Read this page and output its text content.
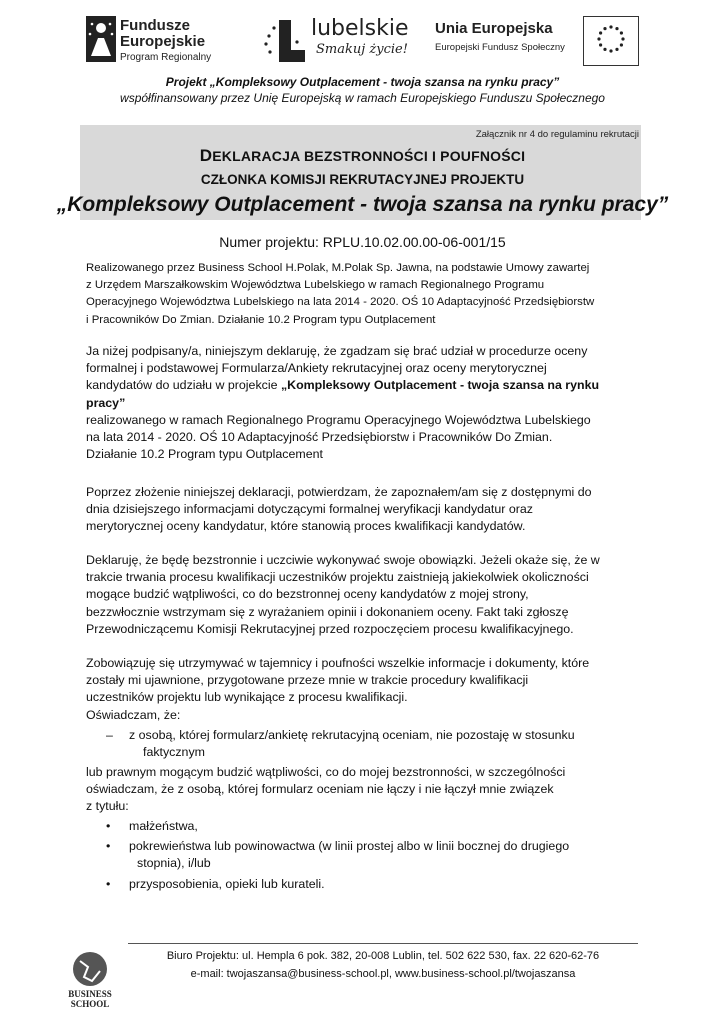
Fundusze
Europejskie
Program Regionalny
lubelskie
Smakuj życie!
Unia Europejska
Europejski Fundusz Społeczny
Projekt „Kompleksowy Outplacement - twoja szansa na rynku pracy”
współfinansowany przez Unię Europejską w ramach Europejskiego Funduszu Społecznego
Załącznik nr 4 do regulaminu rekrutacji
DEKLARACJA BEZSTRONNOŚCI I POUFNOŚCI
CZŁONKA KOMISJI REKRUTACYJNEJ PROJEKTU
„Kompleksowy Outplacement - twoja szansa na rynku pracy”
Numer projektu: RPLU.10.02.00.00-06-001/15
Realizowanego przez Business School H.Polak, M.Polak Sp. Jawna, na podstawie Umowy zawartej
z Urzędem Marszałkowskim Województwa Lubelskiego w ramach Regionalnego Programu
Operacyjnego Województwa Lubelskiego na lata 2014 - 2020. OŚ 10 Adaptacyjność Przedsiębiorstw
i Pracowników Do Zmian. Działanie 10.2 Program typu Outplacement
Ja niżej podpisany/a, niniejszym deklaruję, że zgadzam się brać udział w procedurze oceny
formalnej i podstawowej Formularza/Ankiety rekrutacyjnej oraz oceny merytorycznej
kandydatów do udziału w projekcie „Kompleksowy Outplacement - twoja szansa na rynku
pracy”
realizowanego w ramach Regionalnego Programu Operacyjnego Województwa Lubelskiego
na lata 2014 - 2020. OŚ 10 Adaptacyjność Przedsiębiorstw i Pracowników Do Zmian.
Działanie 10.2 Program typu Outplacement
Poprzez złożenie niniejszej deklaracji, potwierdzam, że zapoznałem/am się z dostępnymi do
dnia dzisiejszego informacjami dotyczącymi formalnej weryfikacji kandydatur oraz
merytorycznej oceny kandydatur, które stanowią proces kwalifikacji kandydatów.
Deklaruję, że będę bezstronnie i uczciwie wykonywać swoje obowiązki. Jeżeli okaże się, że w
trakcie trwania procesu kwalifikacji uczestników projektu zaistnieją jakiekolwiek okoliczności
mogące budzić wątpliwości, co do bezstronnej oceny kandydatów z mojej strony,
bezzwłocznie wstrzymam się z wyrażaniem opinii i dokonaniem oceny. Fakt taki zgłoszę
Przewodniczącemu Komisji Rekrutacyjnej przed rozpoczęciem procesu kwalifikacyjnego.
Zobowiązuję się utrzymywać w tajemnicy i poufności wszelkie informacje i dokumenty, które
zostały mi ujawnione, przygotowane przeze mnie w trakcie procedury kwalifikacji
uczestników projektu lub wynikające z procesu kwalifikacji.
Oświadczam, że:
– z osobą, której formularz/ankietę rekrutacyjną oceniam, nie pozostaję w stosunku
faktycznym
lub prawnym mogącym budzić wątpliwości, co do mojej bezstronności, w szczególności
oświadczam, że z osobą, której formularz oceniam nie łączy i nie łączył mnie związek
z tytułu:
• małżeństwa,
• pokrewieństwa lub powinowactwa (w linii prostej albo w linii bocznej do drugiego
stopnia), i/lub
• przysposobienia, opieki lub kurateli.
BUSINESS
SCHOOL
Biuro Projektu: ul. Hempla 6 pok. 382, 20-008 Lublin, tel. 502 622 530, fax. 22 620-62-76
e-mail: twojaszansa@business-school.pl, www.business-school.pl/twojaszansa
